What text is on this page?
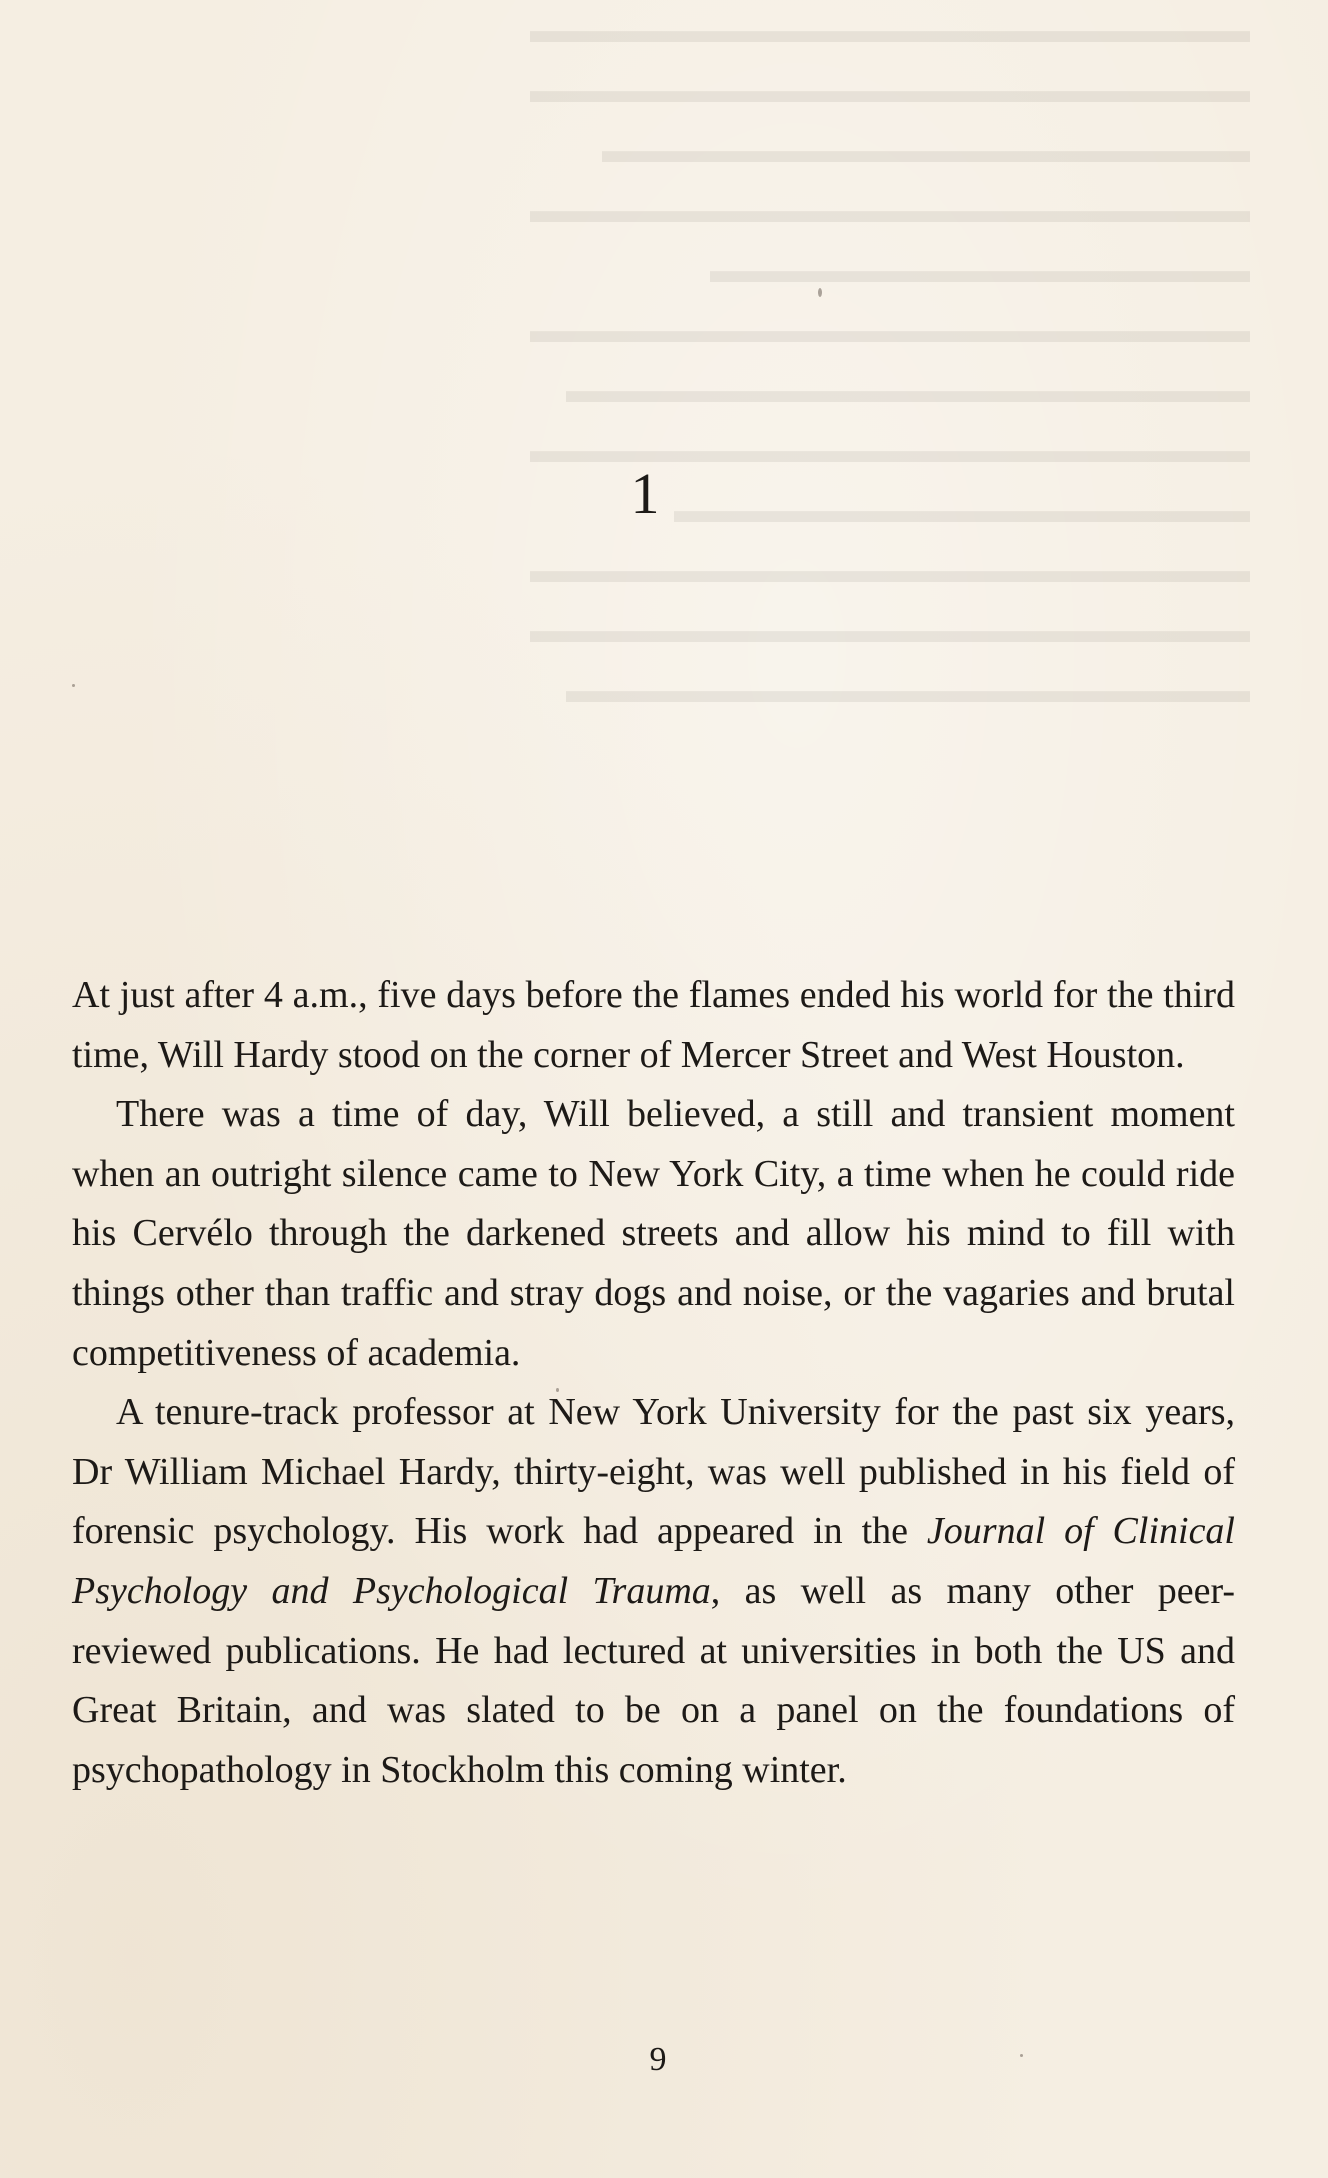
▬▬▬▬▬▬▬▬▬▬▬▬▬▬▬▬▬▬▬▬
▬▬▬▬▬▬▬▬▬▬▬▬▬▬▬▬▬▬▬▬
▬▬▬▬▬▬▬▬▬▬▬▬▬▬▬▬▬▬
▬▬▬▬▬▬▬▬▬▬▬▬▬▬▬▬▬▬▬▬
▬▬▬▬▬▬▬▬▬▬▬▬▬▬▬
▬▬▬▬▬▬▬▬▬▬▬▬▬▬▬▬▬▬▬▬
▬▬▬▬▬▬▬▬▬▬▬▬▬▬▬▬▬▬▬
▬▬▬▬▬▬▬▬▬▬▬▬▬▬▬▬▬▬▬▬
▬▬▬▬▬▬▬▬▬▬▬▬▬▬▬▬
▬▬▬▬▬▬▬▬▬▬▬▬▬▬▬▬▬▬▬▬
▬▬▬▬▬▬▬▬▬▬▬▬▬▬▬▬▬▬▬▬
▬▬▬▬▬▬▬▬▬▬▬▬▬▬▬▬▬▬▬
1

At just after 4 a.m., five days before the flames ended his world for the third time, Will Hardy stood on the corner of Mercer Street and West Houston.

There was a time of day, Will believed, a still and transient moment when an outright silence came to New York City, a time when he could ride his Cervélo through the darkened streets and allow his mind to fill with things other than traffic and stray dogs and noise, or the vagaries and brutal competitiveness of academia.

A tenure-track professor at New York University for the past six years, Dr William Michael Hardy, thirty-eight, was well published in his field of forensic psychology. His work had appeared in the Journal of Clinical Psychology and Psychological Trauma, as well as many other peer-reviewed publications. He had lectured at universities in both the US and Great Britain, and was slated to be on a panel on the foundations of psychopathology in Stockholm this coming winter.

9
